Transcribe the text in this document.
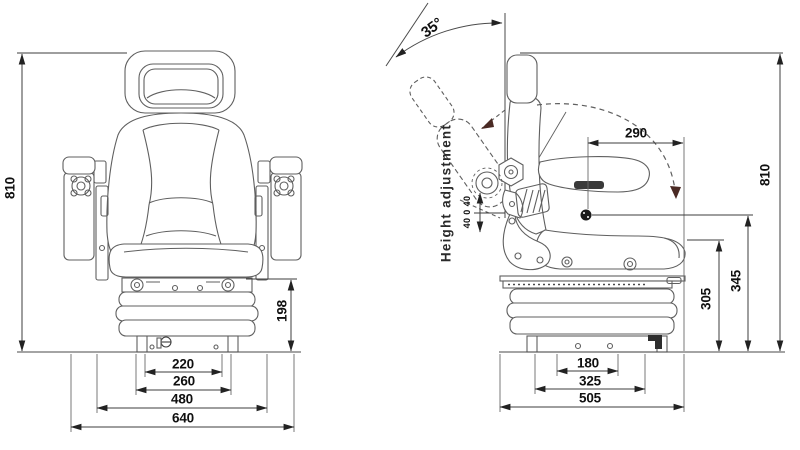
810
198
220
260
480
640
35°
290
810
345
305
180
325
505
Height adjustment 40 0 40
